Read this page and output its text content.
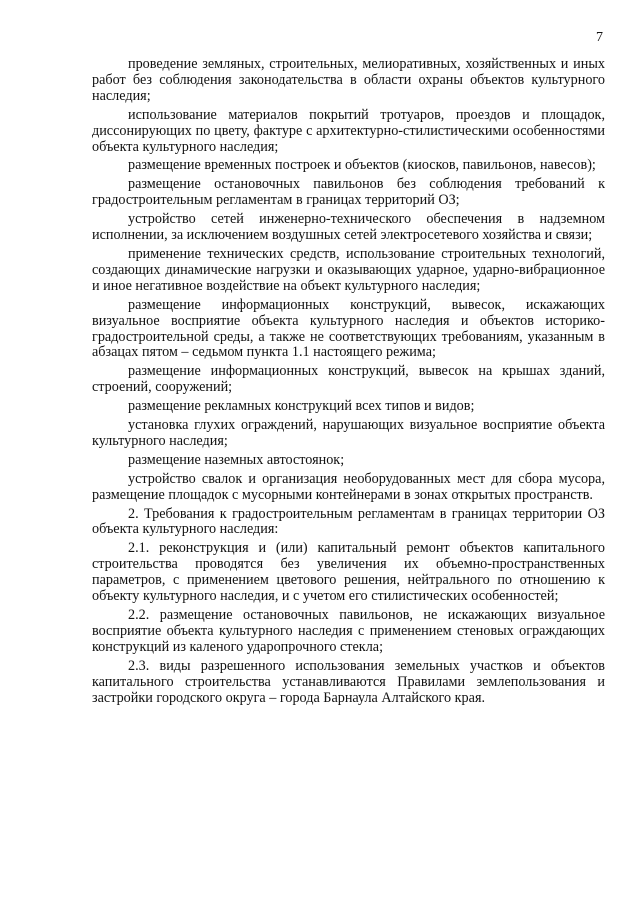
7

проведение земляных, строительных, мелиоративных, хозяйственных и иных работ без соблюдения законодательства в области охраны объектов культурного наследия;

использование материалов покрытий тротуаров, проездов и площадок, диссонирующих по цвету, фактуре с архитектурно-стилистическими особенностями объекта культурного наследия;

размещение временных построек и объектов (киосков, павильонов, навесов);

размещение остановочных павильонов без соблюдения требований к градостроительным регламентам в границах территорий ОЗ;

устройство сетей инженерно-технического обеспечения в надземном исполнении, за исключением воздушных сетей электросетевого хозяйства и связи;

применение технических средств, использование строительных технологий, создающих динамические нагрузки и оказывающих ударное, ударно-вибрационное и иное негативное воздействие на объект культурного наследия;

размещение информационных конструкций, вывесок, искажающих визуальное восприятие объекта культурного наследия и объектов историко-градостроительной среды, а также не соответствующих требованиям, указанным в абзацах пятом – седьмом пункта 1.1 настоящего режима;

размещение информационных конструкций, вывесок на крышах зданий, строений, сооружений;

размещение рекламных конструкций всех типов и видов;

установка глухих ограждений, нарушающих визуальное восприятие объекта культурного наследия;

размещение наземных автостоянок;

устройство свалок и организация необорудованных мест для сбора мусора, размещение площадок с мусорными контейнерами в зонах открытых пространств.

2. Требования к градостроительным регламентам в границах территории ОЗ объекта культурного наследия:

2.1. реконструкция и (или) капитальный ремонт объектов капитального строительства проводятся без увеличения их объемно-пространственных параметров, с применением цветового решения, нейтрального по отношению к объекту культурного наследия, и с учетом его стилистических особенностей;

2.2. размещение остановочных павильонов, не искажающих визуальное восприятие объекта культурного наследия с применением стеновых ограждающих конструкций из каленого ударопрочного стекла;

2.3. виды разрешенного использования земельных участков и объектов капитального строительства устанавливаются Правилами землепользования и застройки городского округа – города Барнаула Алтайского края.
